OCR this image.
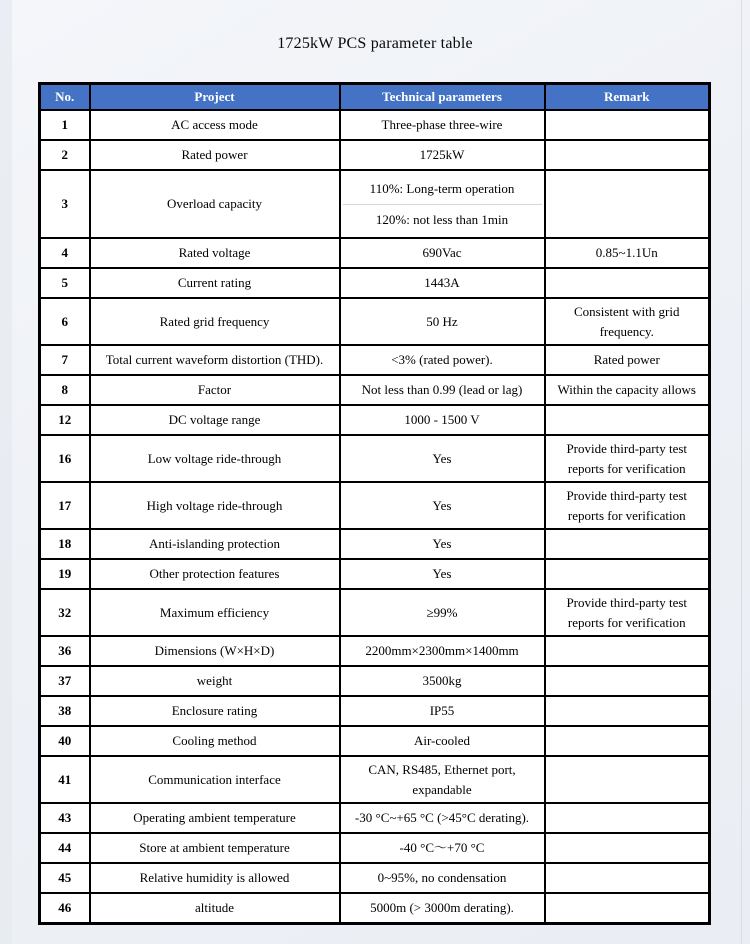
1725kW PCS parameter table
No.	Project	Technical parameters	Remark
1	AC access mode	Three-phase three-wire	
2	Rated power	1725kW	
3	Overload capacity	110%: Long-term operation
120%: not less than 1min	

4	Rated voltage	690Vac	0.85~1.1Un
5	Current rating	1443A	
6	Rated grid frequency	50 Hz	Consistent with grid frequency.
7	Total current waveform distortion (THD).	<3% (rated power).	Rated power
8	Factor	Not less than 0.99 (lead or lag)	Within the capacity allows
12	DC voltage range	1000 - 1500 V	
16	Low voltage ride-through	Yes	Provide third-party test reports for verification
17	High voltage ride-through	Yes	Provide third-party test reports for verification
18	Anti-islanding protection	Yes	
19	Other protection features	Yes	
32	Maximum efficiency	≥99%	Provide third-party test reports for verification
36	Dimensions (W×H×D)	2200mm×2300mm×1400mm	
37	weight	3500kg	
38	Enclosure rating	IP55	
40	Cooling method	Air-cooled	
41	Communication interface	CAN, RS485, Ethernet port, expandable	
43	Operating ambient temperature	-30 °C~+65 °C (>45°C derating).	
44	Store at ambient temperature	-40 °C～+70 °C	
45	Relative humidity is allowed	0~95%, no condensation	
46	altitude	5000m (> 3000m derating).	
